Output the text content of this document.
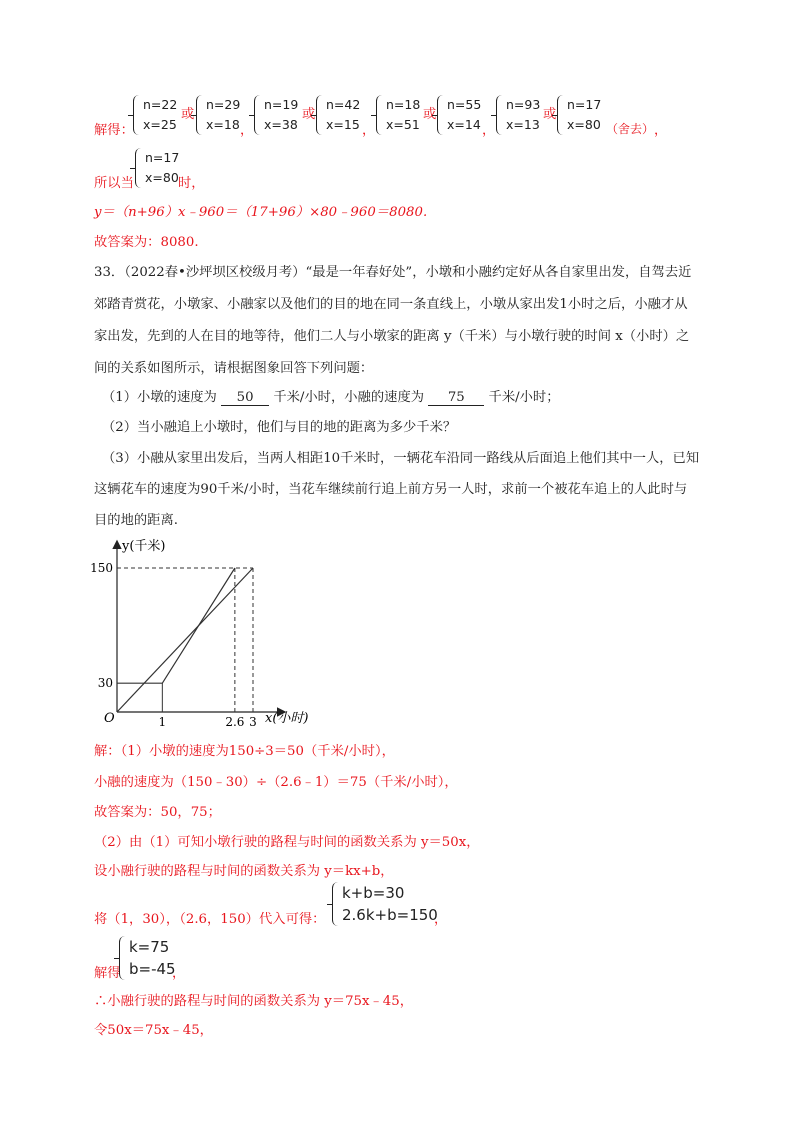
解得：
n=22
x=25
或
n=29
x=18 ，
n=19
x=38
或
n=42
x=15 ，
n=18
x=51
或
n=55
x=14 ，
n=93
x=13
或
n=17
x=80 （舍去） ，
所以当
n=17
x=80 时，
y＝（n+96）x﹣960＝（17+96）×80﹣960＝8080.
故答案为：8080.
33．（2022春•沙坪坝区校级月考）“最是一年春好处”，小墩和小融约定好从各自家里出发，自驾去近
郊踏青赏花，小墩家、小融家以及他们的目的地在同一条直线上，小墩从家出发1小时之后，小融才从
家出发，先到的人在目的地等待，他们二人与小墩家的距离 y（千米）与小墩行驶的时间 x（小时）之
间的关系如图所示，请根据图象回答下列问题：
（1）小墩的速度为 50 千米/小时，小融的速度为 75 千米/小时；
（2）当小融追上小墩时，他们与目的地的距离为多少千米？
（3）小融从家里出发后，当两人相距10千米时，一辆花车沿同一路线从后面追上他们其中一人，已知
这辆花车的速度为90千米/小时，当花车继续前行追上前方另一人时，求前一个被花车追上的人此时与
目的地的距离.
y(千米)
x(小时)
O
150
30
1	2.6 3
解：（1）小墩的速度为150÷3＝50（千米/小时），
小融的速度为（150﹣30）÷（2.6﹣1）＝75（千米/小时），
故答案为：50，75；
（2）由（1）可知小墩行驶的路程与时间的函数关系为 y＝50x，
设小融行驶的路程与时间的函数关系为 y＝kx+b，
将（1，30），（2.6，150）代入可得：
k+b=30
2.6k+b=150
，
解得
k=75
b=-45
，
∴小融行驶的路程与时间的函数关系为 y＝75x﹣45，
令50x＝75x﹣45，
